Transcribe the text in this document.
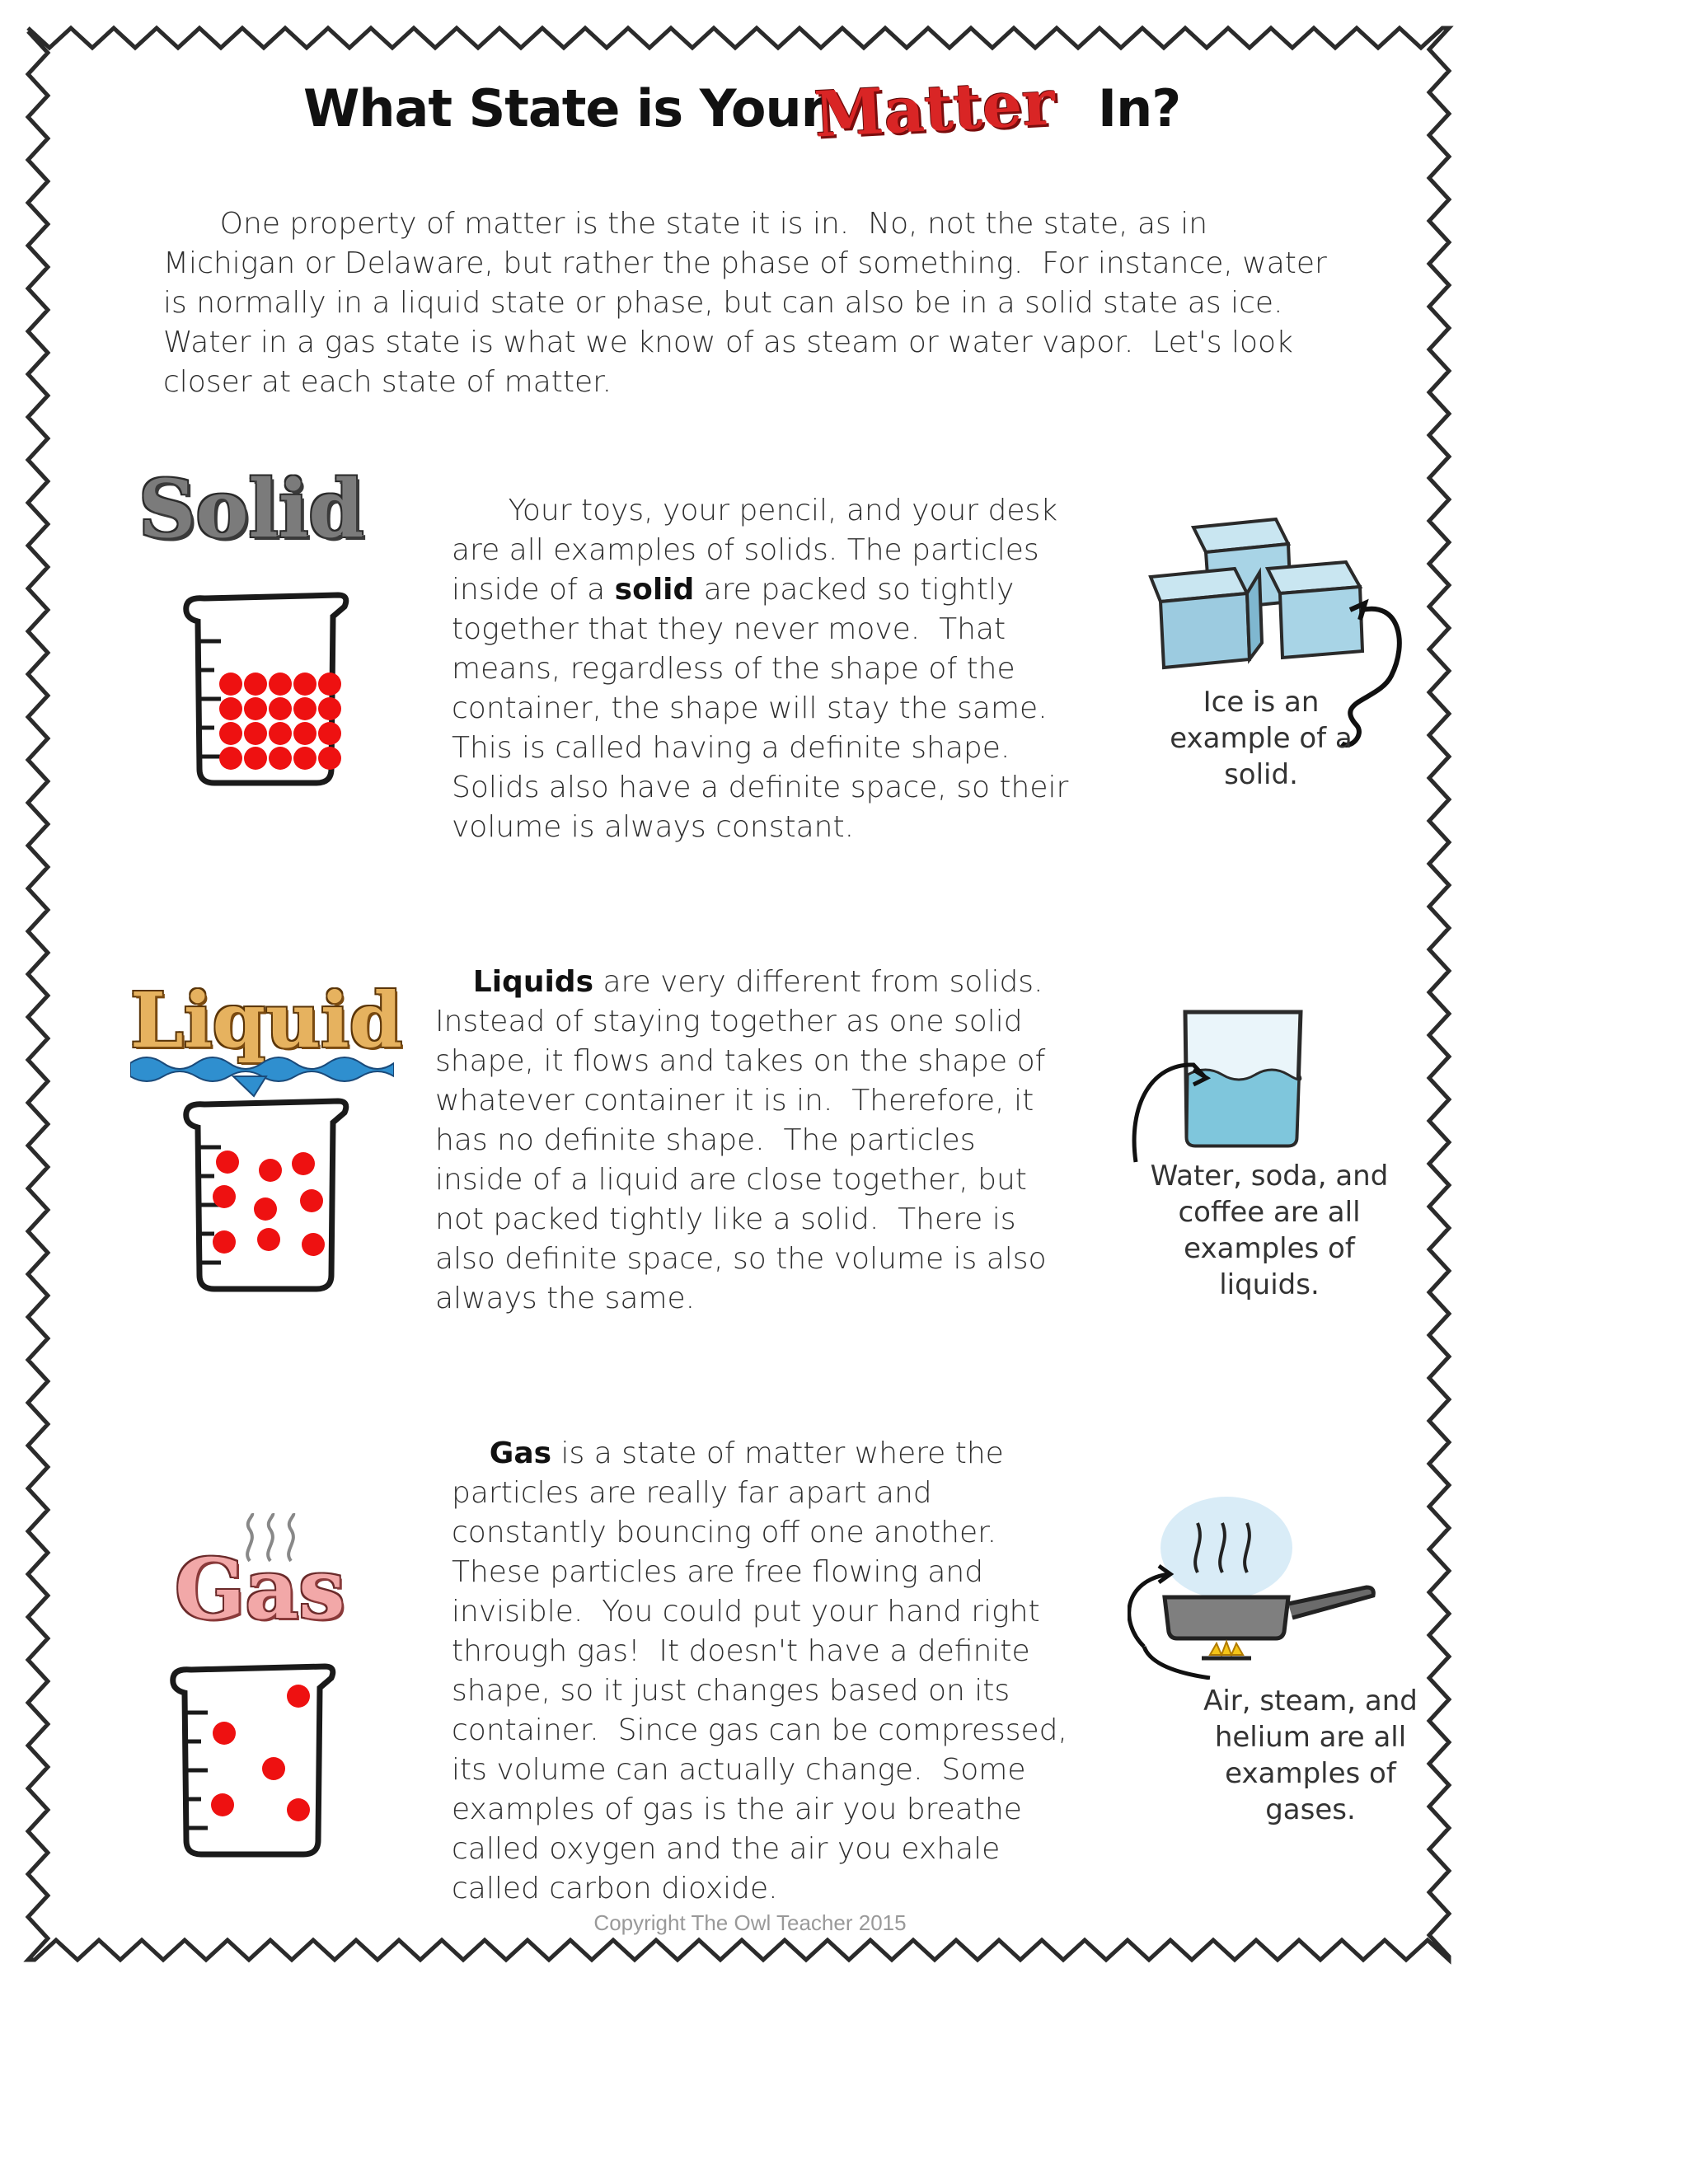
What State is Your
Matter In?

One property of matter is the state it is in.  No, not the state, as in Michigan or Delaware, but rather the phase of something.  For instance, water is normally in a liquid state or phase, but can also be in a solid state as ice.  Water in a gas state is what we know of as steam or water vapor.  Let's look closer at each state of matter.

Solid

Ice is an example of a solid.

Your toys, your pencil, and your desk are all examples of solids. The particles inside of a solid are packed so tightly together that they never move.  That means, regardless of the shape of the container, the shape will stay the same.  This is called having a definite shape.  Solids also have a definite space, so their volume is always constant.

Liquid

Water, soda, and coffee are all examples of liquids.

Liquids are very different from solids.  Instead of staying together as one solid shape, it flows and takes on the shape of whatever container it is in.  Therefore, it has no definite shape.  The particles inside of a liquid are close together, but not packed tightly like a solid.  There is also definite space, so the volume is also always the same.

Gas

Air, steam, and helium are all examples of gases.

Gas is a state of matter where the particles are really far apart and constantly bouncing off one another.  These particles are free flowing and invisible.  You could put your hand right through gas!  It doesn't have a definite shape, so it just changes based on its container.  Since gas can be compressed, its volume can actually change.  Some examples of gas is the air you breathe called oxygen and the air you exhale called carbon dioxide.

Copyright The Owl Teacher 2015
